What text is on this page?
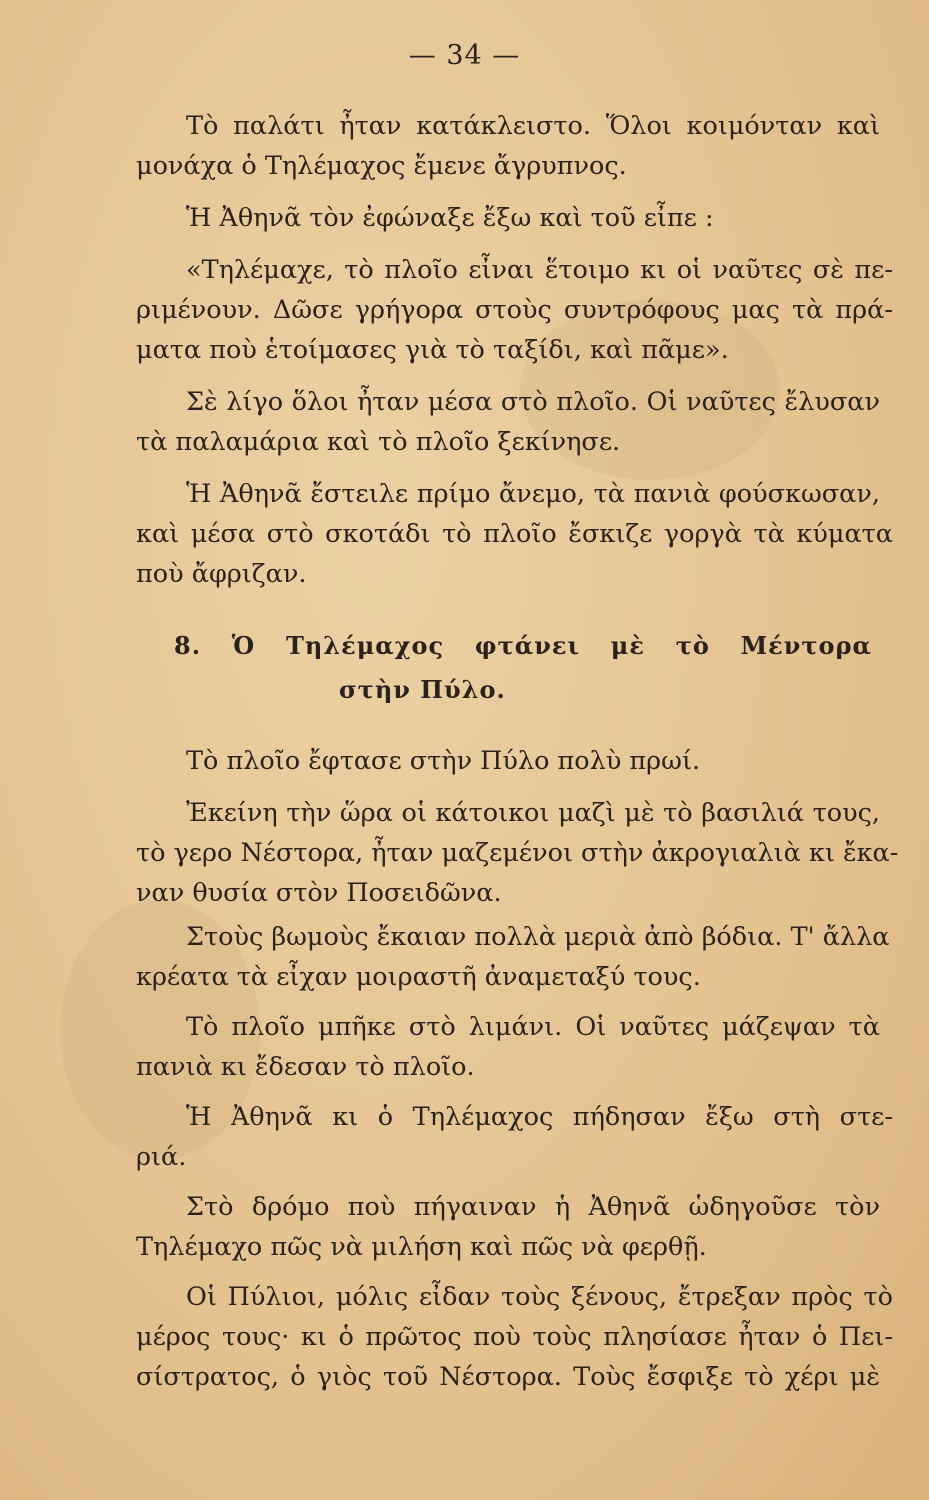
— 34 —
Τὸ παλάτι ἦταν κατάκλειστο. Ὅλοι κοιμόνταν καὶ
μονάχα ὁ Τηλέμαχος ἔμενε ἄγρυπνος.
Ἡ Ἀθηνᾶ τὸν ἐφώναξε ἔξω καὶ τοῦ εἶπε :
«Τηλέμαχε, τὸ πλοῖο εἶναι ἕτοιμο κι οἱ ναῦτες σὲ πε-
ριμένουν. Δῶσε γρήγορα στοὺς συντρόφους μας τὰ πρά-
ματα ποὺ ἑτοίμασες γιὰ τὸ ταξίδι, καὶ πᾶμε».
Σὲ λίγο ὅλοι ἦταν μέσα στὸ πλοῖο. Οἱ ναῦτες ἔλυσαν
τὰ παλαμάρια καὶ τὸ πλοῖο ξεκίνησε.
Ἡ Ἀθηνᾶ ἔστειλε πρίμο ἄνεμο, τὰ πανιὰ φούσκωσαν,
καὶ μέσα στὸ σκοτάδι τὸ πλοῖο ἔσκιζε γοργὰ τὰ κύματα
ποὺ ἄφριζαν.
8. Ὁ Τηλέμαχος φτάνει μὲ τὸ Μέντορα
στὴν Πύλο.
Τὸ πλοῖο ἔφτασε στὴν Πύλο πολὺ πρωί.
Ἐκείνη τὴν ὥρα οἱ κάτοικοι μαζὶ μὲ τὸ βασιλιά τους,
τὸ γερο Νέστορα, ἦταν μαζεμένοι στὴν ἀκρογιαλιὰ κι ἔκα-
ναν θυσία στὸν Ποσειδῶνα.
Στοὺς βωμοὺς ἔκαιαν πολλὰ μεριὰ ἀπὸ βόδια. Τ' ἄλλα
κρέατα τὰ εἶχαν μοιραστῆ ἀναμεταξύ τους.
Τὸ πλοῖο μπῆκε στὸ λιμάνι. Οἱ ναῦτες μάζεψαν τὰ
πανιὰ κι ἔδεσαν τὸ πλοῖο.
Ἡ Ἀθηνᾶ κι ὁ Τηλέμαχος πήδησαν ἔξω στὴ στε-
ριά.
Στὸ δρόμο ποὺ πήγαιναν ἡ Ἀθηνᾶ ὡδηγοῦσε τὸν
Τηλέμαχο πῶς νὰ μιλήση καὶ πῶς νὰ φερθῇ.
Οἱ Πύλιοι, μόλις εἶδαν τοὺς ξένους, ἔτρεξαν πρὸς τὸ
μέρος τους· κι ὁ πρῶτος ποὺ τοὺς πλησίασε ἦταν ὁ Πει-
σίστρατος, ὁ γιὸς τοῦ Νέστορα. Τοὺς ἔσφιξε τὸ χέρι μὲ
